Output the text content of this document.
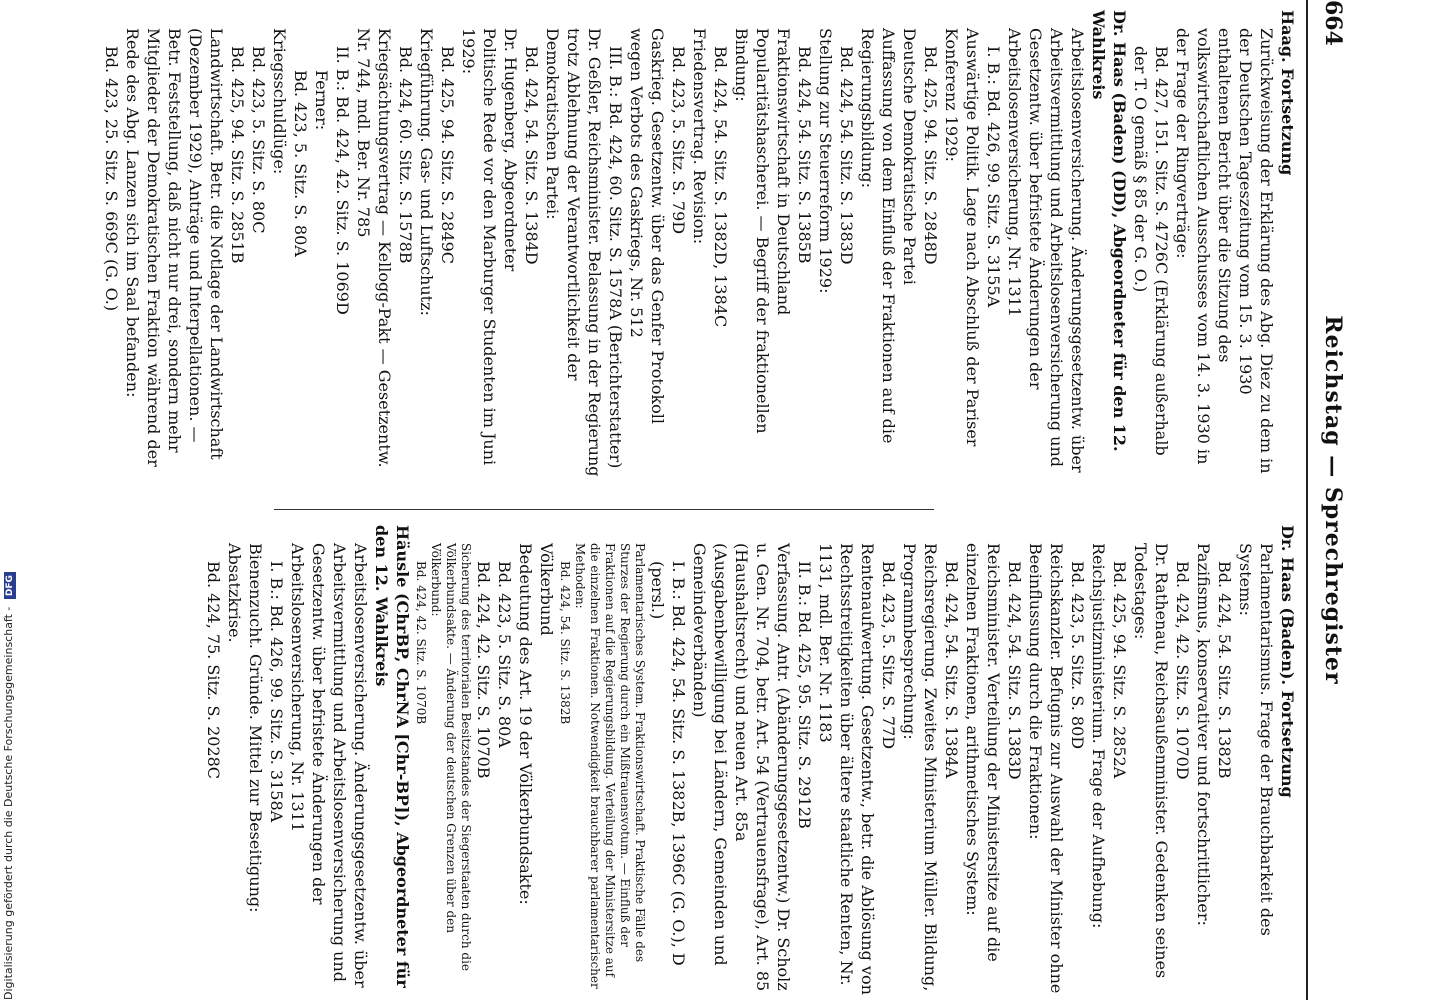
664
Reichstag — Sprechregister
Haag. Fortsetzung
Zurückweisung der Erklärung des Abg. Diez zu dem in der Deutschen Tageszeitung vom 15. 3. 1930 enthaltenen Bericht über die Sitzung des volkswirtschaftlichen Ausschusses vom 14. 3. 1930 in der Frage der Ringverträge:
Bd. 427, 151. Sitz. S. 4726C (Erklärung außerhalb der T. O gemäß § 85 der G. O.)
Dr. Haas (Baden) (DD), Abgeordneter für den 12. Wahlkreis
Arbeitslosenversicherung. Änderungsgesetzentw. über Arbeitsvermittlung und Arbeitslosenversicherung und Gesetzentw. über befristete Änderungen der Arbeitslosenversicherung, Nr. 1311
I. B.: Bd. 426, 99. Sitz. S. 3155A
Auswärtige Politik. Lage nach Abschluß der Pariser Konferenz 1929:
Bd. 425, 94. Sitz. S. 2848D
Deutsche Demokratische Partei
Auffassung von dem Einfluß der Fraktionen auf die Regierungsbildung:
Bd. 424, 54. Sitz. S. 1383D
Stellung zur Steuerreform 1929:
Bd. 424, 54. Sitz. S. 1385B
Fraktionswirtschaft in Deutschland Popularitätshascherei. — Begriff der fraktionellen Bindung:
Bd. 424, 54. Sitz. S. 1382D, 1384C
Friedensvertrag. Revision:
Bd. 423, 5. Sitz. S. 79D
Gaskrieg. Gesetzentw. über das Genfer Protokoll wegen Verbots des Gaskriegs, Nr. 512
III. B.: Bd. 424, 60. Sitz. S. 1578A (Berichterstatter)
Dr. Geßler, Reichsminister. Belassung in der Regierung trotz Ablehnung der Verantwortlichkeit der Demokratischen Partei:
Bd. 424, 54. Sitz. S. 1384D
Dr. Hugenberg, Abgeordneter
Politische Rede vor den Marburger Studenten im Juni 1929:
Bd. 425, 94. Sitz. S. 2849C
Kriegführung. Gas- und Luftschutz:
Bd. 424, 60. Sitz. S. 1578B
Kriegsächtungsvertrag — Kellogg-Pakt — Gesetzentw. Nr. 744, mdl. Ber. Nr. 785
II. B.: Bd. 424, 42. Sitz. S. 1069D
Ferner:
Bd. 423, 5. Sitz. S. 80A
Kriegsschuldlüge:
Bd. 423, 5. Sitz. S. 80C
Bd. 425, 94. Sitz. S. 2851B
Landwirtschaft. Betr. die Notlage der Landwirtschaft (Dezember 1929), Anträge und Interpellationen. — Betr. Feststellung, daß nicht nur drei, sondern mehr Mitglieder der Demokratischen Fraktion während der Rede des Abg. Lanzen sich im Saal befanden:
Bd. 423, 25. Sitz. S. 669C (G. O.)
Dr. Haas (Baden). Fortsetzung
Parlamentarismus. Frage der Brauchbarkeit des Systems:
Bd. 424, 54. Sitz. S. 1382B
Pazifismus, konservativer und fortschrittlicher:
Bd. 424, 42. Sitz. S. 1070D
Dr. Rathenau, Reichsaußenminister. Gedenken seines Todestages:
Bd. 425, 94. Sitz. S. 2852A
Reichsjustizministerium. Frage der Aufhebung:
Bd. 423, 5. Sitz. S. 80D
Reichskanzler. Befugnis zur Auswahl der Minister ohne Beeinflussung durch die Fraktionen:
Bd. 424, 54. Sitz. S. 1383D
Reichsminister. Verteilung der Ministersitze auf die einzelnen Fraktionen, arithmetisches System:
Bd. 424, 54. Sitz. S. 1384A
Reichsregierung. Zweites Ministerium Müller. Bildung, Programmbesprechung:
Bd. 423, 5. Sitz. S. 77D
Rentenaufwertung. Gesetzentw., betr. die Ablösung von Rechtsstreitigkeiten über ältere staatliche Renten, Nr. 1131, mdl. Ber. Nr. 1183
II. B.: Bd. 425, 95. Sitz. S. 2912B
Verfassung. Antr. (Abänderungsgesetzentw.) Dr. Scholz u. Gen. Nr. 704, betr. Art. 54 (Vertrauensfrage), Art. 85 (Haushaltsrecht) und neuen Art. 85a (Ausgabenbewilligung bei Ländern, Gemeinden und Gemeindeverbänden)
I. B.: Bd. 424, 54. Sitz. S. 1382B, 1396C (G. O.), D (persl.)
Parlamentarisches System. Fraktionswirtschaft. Praktische Fälle des Sturzes der Regierung durch ein Mißtrauensvotum. — Einfluß der Fraktionen auf die Regierungsbildung. Verteilung der Ministersitze auf die einzelnen Fraktionen. Notwendigkeit brauchbarer parlamentarischer Methoden:
Bd. 424, 54. Sitz. S. 1382B
Völkerbund
Bedeutung des Art. 19 der Völkerbundsakte:
Bd. 423, 5. Sitz. S. 80A
Bd. 424, 42. Sitz. S. 1070B
Sicherung des territorialen Besitzstandes der Siegerstaaten durch die Völkerbundsakte. — Änderung der deutschen Grenzen über den Völkerbund:
Bd. 424, 42. Sitz. S. 1070B
Häusle (ChrBP, ChrNA [Chr-BP]), Abgeordneter für den 12. Wahlkreis
Arbeitslosenversicherung. Änderungsgesetzentw. über Arbeitsvermittlung und Arbeitslosenversicherung und Gesetzentw. über befristete Änderungen der Arbeitslosenversicherung, Nr. 1311
I. B.: Bd. 426, 99. Sitz. S. 3158A
Bienenzucht. Gründe. Mittel zur Beseitigung: Absatzkrise.
Bd. 424, 75. Sitz. S. 2028C
Digitalisierung gefördert durch die Deutsche Forschungsgemeinschaft - DFG
